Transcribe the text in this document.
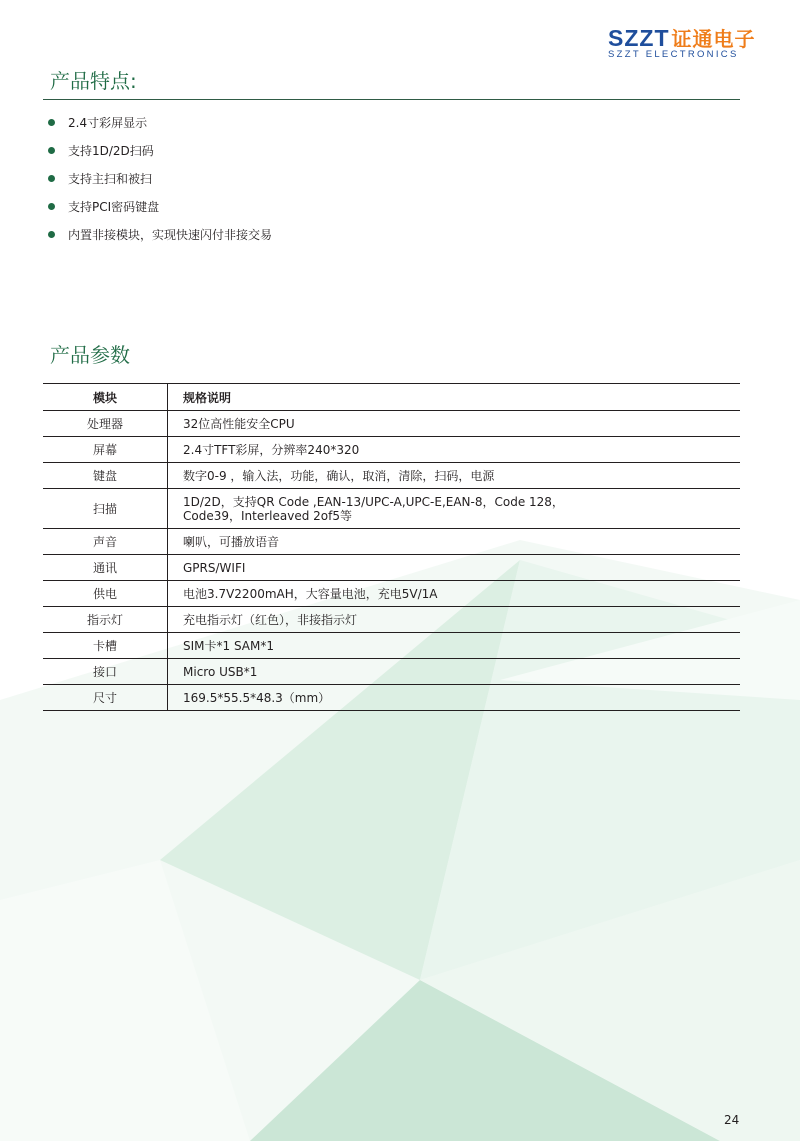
SZZT 证通电子
SZZT ELECTRONICS
产品特点:
2.4寸彩屏显示
支持1D/2D扫码
支持主扫和被扫
支持PCI密码键盘
内置非接模块，实现快速闪付非接交易
产品参数
模块	规格说明
处理器	32位高性能安全CPU
屏幕	2.4寸TFT彩屏，分辨率240*320
键盘	数字0-9 ，输入法，功能，确认，取消，清除，扫码，电源
扫描	1D/2D，支持QR Code ,EAN-13/UPC-A,UPC-E,EAN-8，Code 128，
Code39，Interleaved 2of5等

声音	喇叭，可播放语音
通讯	GPRS/WIFI
供电	电池3.7V2200mAH，大容量电池，充电5V/1A
指示灯	充电指示灯（红色），非接指示灯
卡槽	SIM卡*1 SAM*1
接口	Micro USB*1
尺寸	169.5*55.5*48.3（mm）
24
